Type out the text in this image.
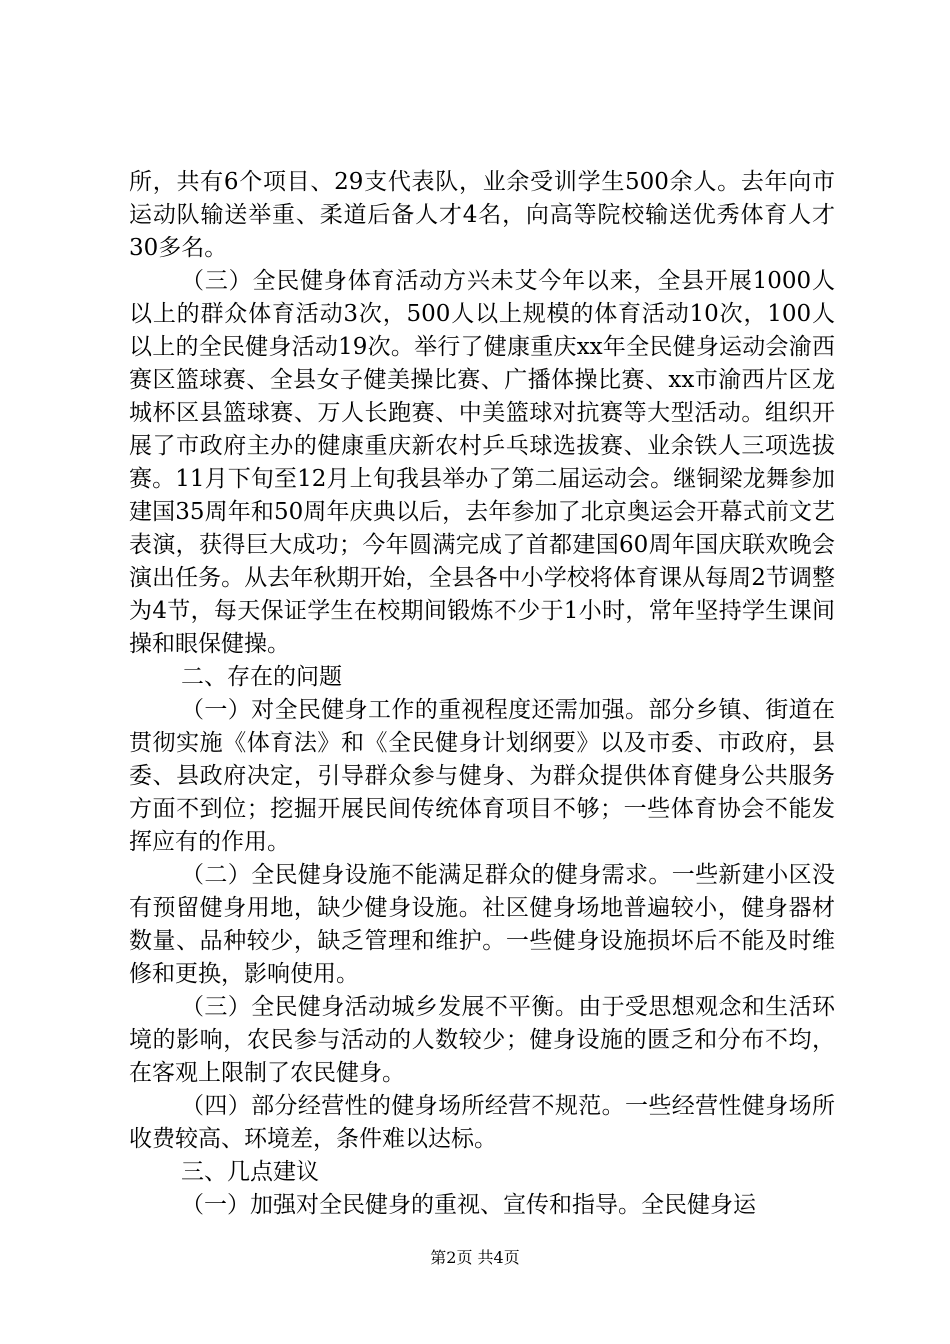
所，共有6个项目、29支代表队，业余受训学生500余人。去年向市运动队输送举重、柔道后备人才4名，向高等院校输送优秀体育人才30多名。

（三）全民健身体育活动方兴未艾今年以来，全县开展1000人以上的群众体育活动3次，500人以上规模的体育活动10次，100人以上的全民健身活动19次。举行了健康重庆xx年全民健身运动会渝西赛区篮球赛、全县女子健美操比赛、广播体操比赛、xx市渝西片区龙城杯区县篮球赛、万人长跑赛、中美篮球对抗赛等大型活动。组织开展了市政府主办的健康重庆新农村乒乓球选拔赛、业余铁人三项选拔赛。11月下旬至12月上旬我县举办了第二届运动会。继铜梁龙舞参加建国35周年和50周年庆典以后，去年参加了北京奥运会开幕式前文艺表演，获得巨大成功；今年圆满完成了首都建国60周年国庆联欢晚会演出任务。从去年秋期开始，全县各中小学校将体育课从每周2节调整为4节，每天保证学生在校期间锻炼不少于1小时，常年坚持学生课间操和眼保健操。

二、存在的问题

（一）对全民健身工作的重视程度还需加强。部分乡镇、街道在贯彻实施《体育法》和《全民健身计划纲要》以及市委、市政府，县委、县政府决定，引导群众参与健身、为群众提供体育健身公共服务方面不到位；挖掘开展民间传统体育项目不够；一些体育协会不能发挥应有的作用。

（二）全民健身设施不能满足群众的健身需求。一些新建小区没有预留健身用地，缺少健身设施。社区健身场地普遍较小，健身器材数量、品种较少，缺乏管理和维护。一些健身设施损坏后不能及时维修和更换，影响使用。

（三）全民健身活动城乡发展不平衡。由于受思想观念和生活环境的影响，农民参与活动的人数较少；健身设施的匮乏和分布不均，在客观上限制了农民健身。

（四）部分经营性的健身场所经营不规范。一些经营性健身场所收费较高、环境差，条件难以达标。

三、几点建议

（一）加强对全民健身的重视、宣传和指导。全民健身运

第2页 共4页
